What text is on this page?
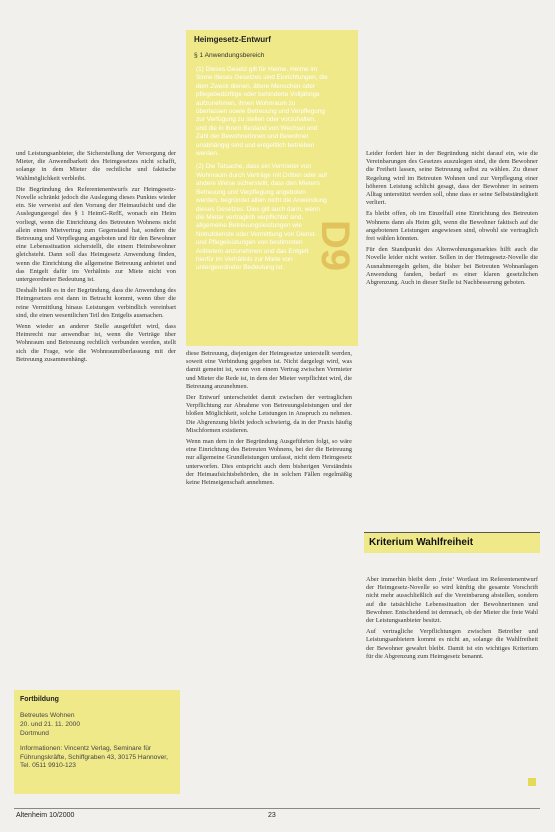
und Leistungsanbieter, die Sicherstellung der Versorgung der Mieter, die Anwendbarkeit des Heimgesetzes nicht schafft, solange in dem Mieter die rechtliche und faktische Wahlmöglichkeit verbleibt.

Die Begründung des Referentenentwurfs zur Heimgesetz-Novelle schränkt jedoch die Auslegung dieses Punktes wieder ein. Sie verweist auf den Vorrang der Heimaufsicht und die Auslegungsregel des § 1 HeimG-RefE, wonach ein Heim vorliegt, wenn die Einrichtung des Betreuten Wohnens nicht allein einen Mietvertrag zum Gegenstand hat, sondern die Betreuung und Verpflegung angeboten und für den Bewohner eine Lebenssituation sicherstellt, die einem Heimbewohner gleichsteht. Dann soll das Heimgesetz Anwendung finden, wenn die Einrichtung die allgemeine Betreuung anbietet und das Entgelt dafür im Verhältnis zur Miete nicht von untergeordneter Bedeutung ist.

Deshalb heißt es in der Begründung, dass die Anwendung des Heimgesetzes erst dann in Betracht kommt, wenn über die reine Vermittlung hinaus Leistungen verbindlich vereinbart sind, die einen wesentlichen Teil des Entgelts ausmachen.

Wenn wieder an anderer Stelle ausgeführt wird, dass Heimrecht nur anwendbar ist, wenn die Verträge über Wohnraum und Betreuung rechtlich verbunden werden, stellt sich die Frage, wie die Wohnraumüberlassung mit der Betreuung zusammenhängt.

Heimgesetz-Entwurf
§ 1 Anwendungsbereich

(1) Dieses Gesetz gilt für Heime. Heime im Sinne dieses Gesetzes sind Einrichtungen, die dem Zweck dienen, ältere Menschen oder pflegebedürftige oder behinderte Volljährige aufzunehmen, ihnen Wohnraum zu überlassen sowie Betreuung und Verpflegung zur Verfügung zu stellen oder vorzuhalten, und die in ihrem Bestand von Wechsel und Zahl der Bewohnerinnen und Bewohner unabhängig sind und entgeltlich betrieben werden.

(2) Die Tatsache, dass ein Vermieter von Wohnraum durch Verträge mit Dritten oder auf andere Weise sicherstellt, dass den Mietern Betreuung und Verpflegung angeboten werden, begründet allein nicht die Anwendung dieses Gesetzes. Dies gilt auch dann, wenn die Mieter vertraglich verpflichtet sind, allgemeine Betreuungsleistungen wie Notrufdienste oder Vermittlung von Dienst- und Pflegeleistungen von bestimmten Anbietern anzunehmen und das Entgelt hierfür im Verhältnis zur Miete von untergeordneter Bedeutung ist. D9

diese Betreuung, diejenigen der Heimgesetze unterstellt werden, soweit eine Verbindung gegeben ist. Nicht dargelegt wird, was damit gemeint ist, wenn von einem Vertrag zwischen Vermieter und Mieter die Rede ist, in dem der Mieter verpflichtet wird, die Betreuung anzunehmen.

Der Entwurf unterscheidet damit zwischen der vertraglichen Verpflichtung zur Abnahme von Betreuungsleistungen und der bloßen Möglichkeit, solche Leistungen in Anspruch zu nehmen. Die Abgrenzung bleibt jedoch schwierig, da in der Praxis häufig Mischformen existieren.

Wenn man dem in der Begründung Ausgeführten folgt, so wäre eine Einrichtung des Betreuten Wohnens, bei der die Betreuung nur allgemeine Grundleistungen umfasst, nicht dem Heimgesetz unterworfen. Dies entspricht auch dem bisherigen Verständnis der Heimaufsichtsbehörden, die in solchen Fällen regelmäßig keine Heimeigenschaft annehmen.

Leider fordert hier in der Begründung nicht darauf ein, wie die Vereinbarungen des Gesetzes auszulegen sind, die dem Bewohner die Freiheit lassen, seine Betreuung selbst zu wählen. Zu dieser Regelung wird im Betreuten Wohnen und zur Verpflegung einer höheren Leistung schlicht gesagt, dass der Bewohner in seinem Alltag unterstützt werden soll, ohne dass er seine Selbstständigkeit verliert.

Es bleibt offen, ob im Einzelfall eine Einrichtung des Betreuten Wohnens dann als Heim gilt, wenn die Bewohner faktisch auf die angebotenen Leistungen angewiesen sind, obwohl sie vertraglich frei wählen könnten.

Für den Standpunkt des Altenwohnungsmarktes hilft auch die Novelle leider nicht weiter. Sollen in der Heimgesetz-Novelle die Ausnahmeregeln gelten, die bisher bei Betreuten Wohnanlagen Anwendung fanden, bedarf es einer klaren gesetzlichen Abgrenzung. Auch in dieser Stelle ist Nachbesserung geboten.

Kriterium Wahlfreiheit

Aber immerhin bleibt dem ‚freie‘ Wortlaut im Referentenentwurf der Heimgesetz-Novelle so wird künftig die gesamte Vorschrift nicht mehr ausschließlich auf die Vereinbarung abstellen, sondern auf die tatsächliche Lebenssituation der Bewohnerinnen und Bewohner. Entscheidend ist demnach, ob der Mieter die freie Wahl der Leistungsanbieter besitzt.

Auf vertragliche Verpflichtungen zwischen Betreiber und Leistungsanbietern kommt es nicht an, solange die Wahlfreiheit der Bewohner gewahrt bleibt. Damit ist ein wichtiges Kriterium für die Abgrenzung zum Heimgesetz benannt.

Fortbildung
Betreutes Wohnen
20. und 21. 11. 2000
Dortmund
Informationen: Vincentz Verlag, Seminare für Führungskräfte, Schiffgraben 43, 30175 Hannover, Tel. 0511 9910-123
Altenheim 10/2000	23
